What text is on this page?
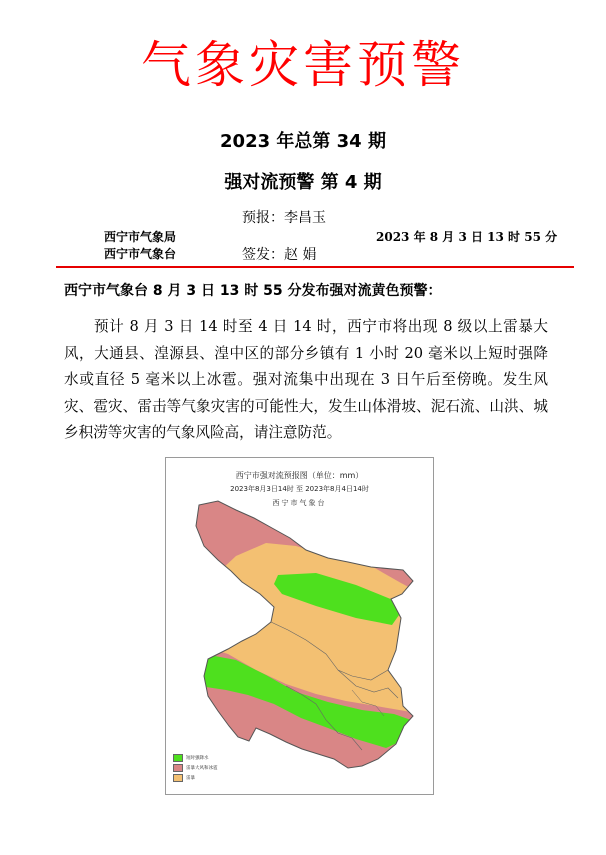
气象灾害预警
2023 年总第 34 期
强对流预警 第 4 期
预报：李昌玉
西宁市气象局	2023 年 8 月 3 日 13 时 55 分
西宁市气象台	签发：赵 娟
西宁市气象台 8 月 3 日 13 时 55 分发布强对流黄色预警：
预计 8 月 3 日 14 时至 4 日 14 时，西宁市将出现 8 级以上雷暴大风，大通县、湟源县、湟中区的部分乡镇有 1 小时 20 毫米以上短时强降水或直径 5 毫米以上冰雹。强对流集中出现在 3 日午后至傍晚。发生风灾、雹灾、雷击等气象灾害的可能性大，发生山体滑坡、泥石流、山洪、城乡积涝等灾害的气象风险高，请注意防范。
西宁市强对流预报图（单位：mm）
2023年8月3日14时 至 2023年8月4日14时
西宁市气象台
短时强降水
雷暴大风和冰雹
雷暴
